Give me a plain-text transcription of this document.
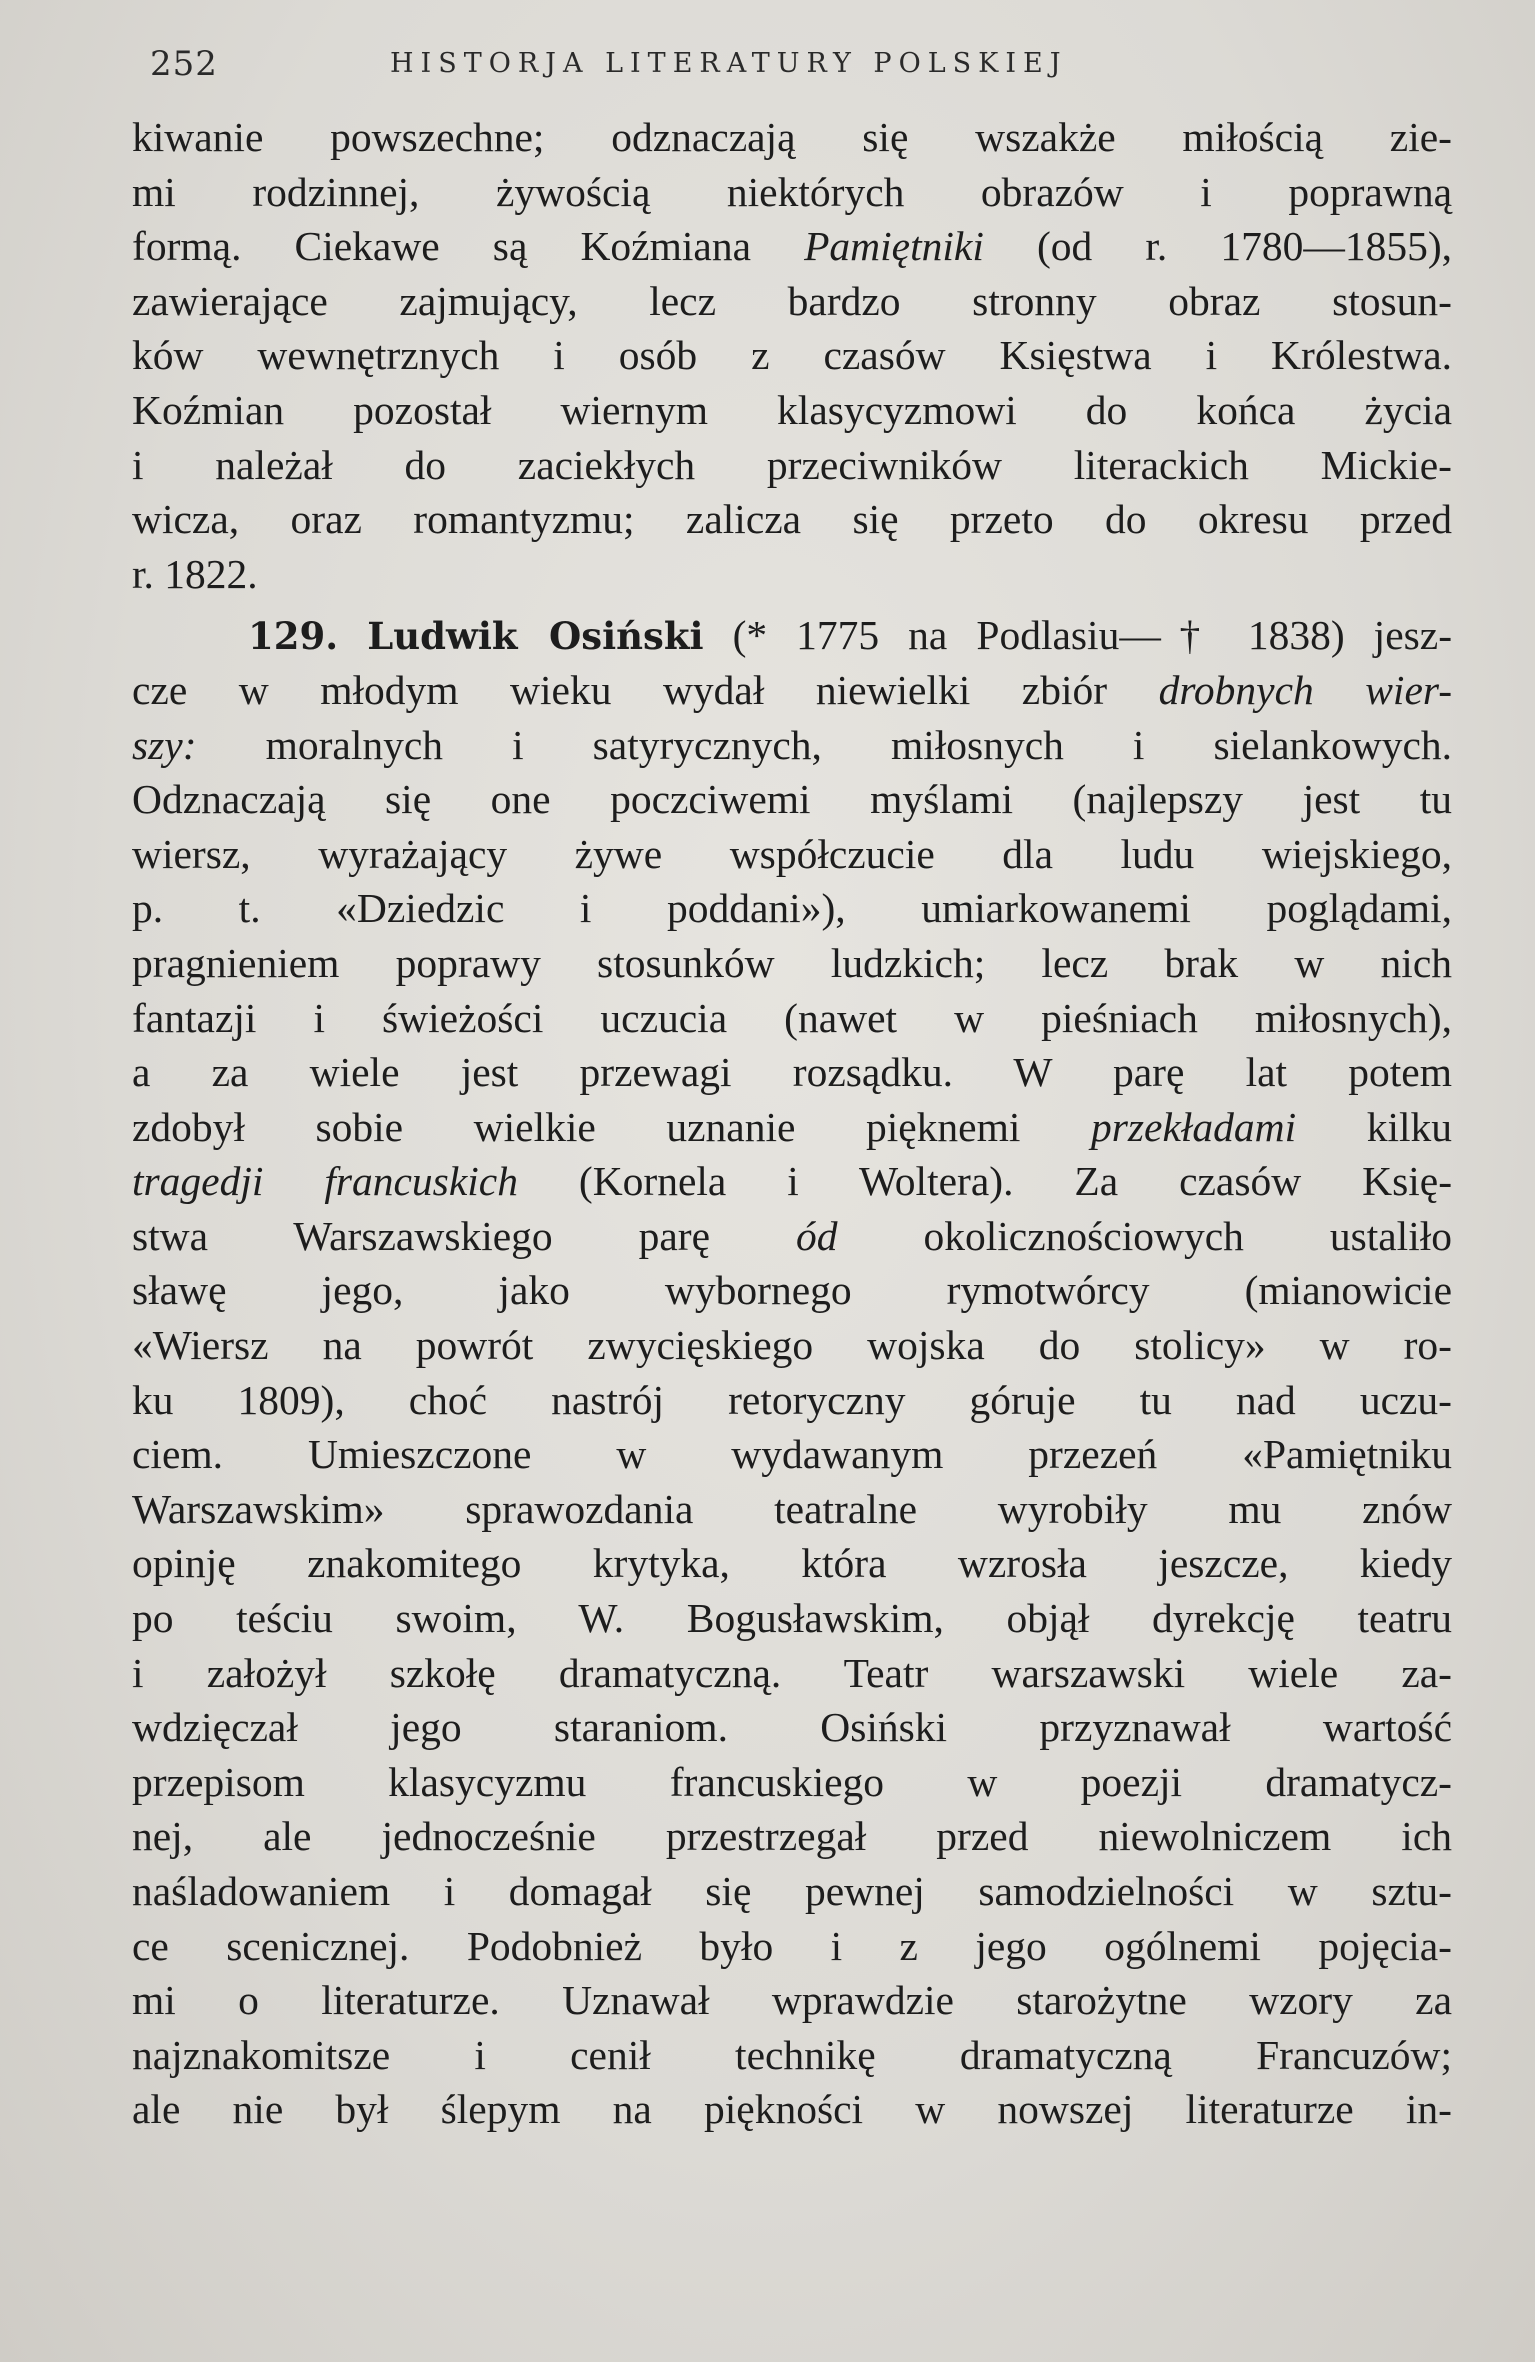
252	HISTORJA LITERATURY POLSKIEJ
kiwanie powszechne; odznaczają się wszakże miłością zie-
mi rodzinnej, żywością niektórych obrazów i poprawną
formą. Ciekawe są Koźmiana Pamiętniki (od r. 1780—1855),
zawierające zajmujący, lecz bardzo stronny obraz stosun-
ków wewnętrznych i osób z czasów Księstwa i Królestwa.
Koźmian pozostał wiernym klasycyzmowi do końca życia
i należał do zaciekłych przeciwników literackich Mickie-
wicza, oraz romantyzmu; zalicza się przeto do okresu przed
r. 1822.
129. Ludwik Osiński (* 1775 na Podlasiu—† 1838) jesz-
cze w młodym wieku wydał niewielki zbiór drobnych wier-
szy: moralnych i satyrycznych, miłosnych i sielankowych.
Odznaczają się one poczciwemi myślami (najlepszy jest tu
wiersz, wyrażający żywe współczucie dla ludu wiejskiego,
p. t. «Dziedzic i poddani»), umiarkowanemi poglądami,
pragnieniem poprawy stosunków ludzkich; lecz brak w nich
fantazji i świeżości uczucia (nawet w pieśniach miłosnych),
a za wiele jest przewagi rozsądku. W parę lat potem
zdobył sobie wielkie uznanie pięknemi przekładami kilku
tragedji francuskich (Kornela i Woltera). Za czasów Księ-
stwa Warszawskiego parę ód okolicznościowych ustaliło
sławę jego, jako wybornego rymotwórcy (mianowicie
«Wiersz na powrót zwycięskiego wojska do stolicy» w ro-
ku 1809), choć nastrój retoryczny góruje tu nad uczu-
ciem. Umieszczone w wydawanym przezeń «Pamiętniku
Warszawskim» sprawozdania teatralne wyrobiły mu znów
opinję znakomitego krytyka, która wzrosła jeszcze, kiedy
po teściu swoim, W. Bogusławskim, objął dyrekcję teatru
i założył szkołę dramatyczną. Teatr warszawski wiele za-
wdzięczał jego staraniom. Osiński przyznawał wartość
przepisom klasycyzmu francuskiego w poezji dramatycz-
nej, ale jednocześnie przestrzegał przed niewolniczem ich
naśladowaniem i domagał się pewnej samodzielności w sztu-
ce scenicznej. Podobnież było i z jego ogólnemi pojęcia-
mi o literaturze. Uznawał wprawdzie starożytne wzory za
najznakomitsze i cenił technikę dramatyczną Francuzów;
ale nie był ślepym na piękności w nowszej literaturze in-
